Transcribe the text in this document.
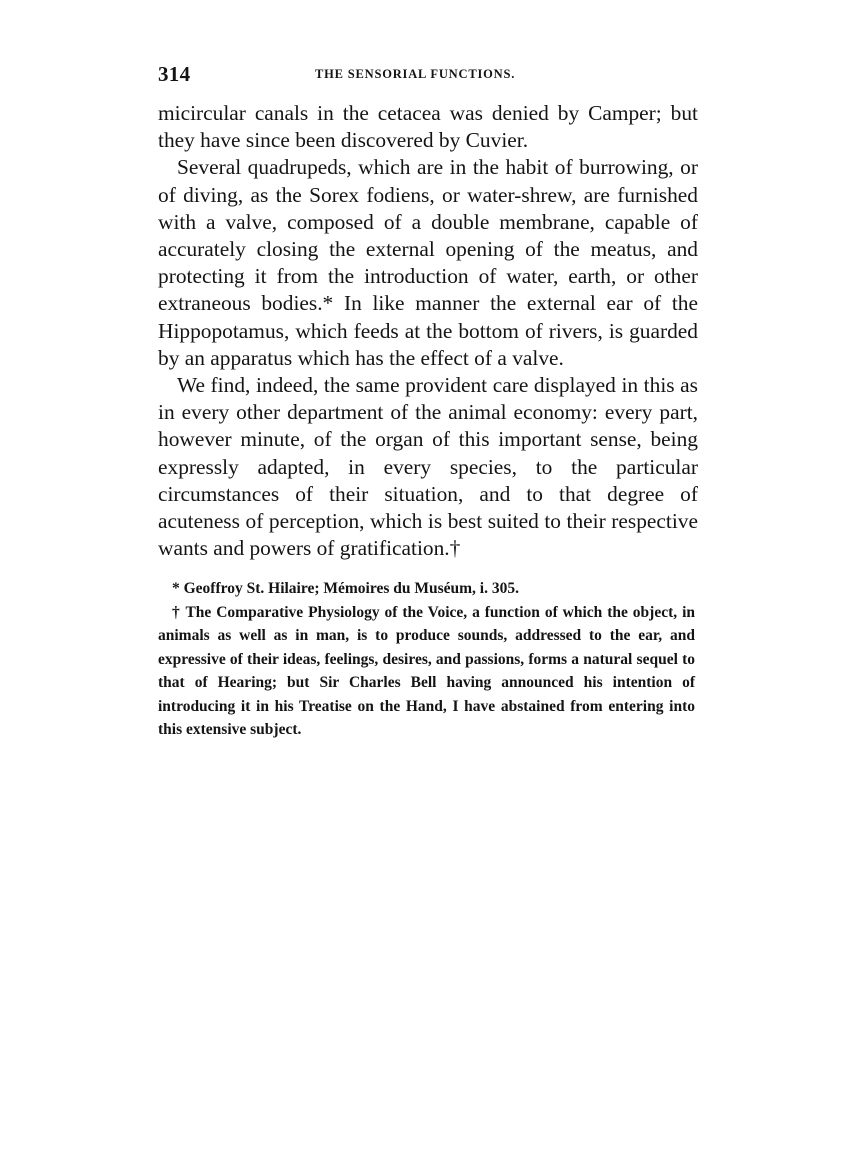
314	THE SENSORIAL FUNCTIONS.

micircular canals in the cetacea was denied by Camper; but they have since been discovered by Cuvier.

Several quadrupeds, which are in the habit of burrowing, or of diving, as the Sorex fodiens, or water-shrew, are furnished with a valve, composed of a double membrane, capable of accurately closing the external opening of the meatus, and protecting it from the introduction of water, earth, or other extraneous bodies.* In like manner the external ear of the Hippopotamus, which feeds at the bottom of rivers, is guarded by an apparatus which has the effect of a valve.

We find, indeed, the same provident care displayed in this as in every other department of the animal economy: every part, however minute, of the organ of this important sense, being expressly adapted, in every species, to the particular circumstances of their situation, and to that degree of acuteness of perception, which is best suited to their respective wants and powers of gratification.†

* Geoffroy St. Hilaire; Mémoires du Muséum, i. 305.

† The Comparative Physiology of the Voice, a function of which the object, in animals as well as in man, is to produce sounds, addressed to the ear, and expressive of their ideas, feelings, desires, and passions, forms a natural sequel to that of Hearing; but Sir Charles Bell having announced his intention of introducing it in his Treatise on the Hand, I have abstained from entering into this extensive subject.
